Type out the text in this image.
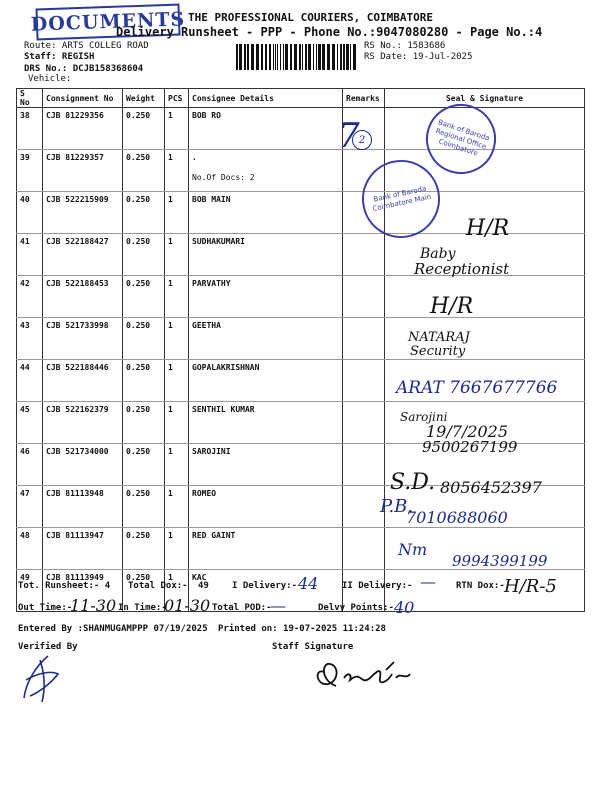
DOCUMENTS THE PROFESSIONAL COURIERS, COIMBATORE
Delivery Runsheet - PPP - Phone No.:9047080280 - Page No.:4
Route: ARTS COLLEG ROAD
Staff: REGISH
DRS No.: DCJB158368604
Vehicle:
RS No.: 1583686
RS Date: 19-Jul-2025
S No	Consignment No	Weight	PCS	Consignee Details	Remarks	Seal & Signature
38	CJB 81229356	0.250	1	BOB RO		
39	CJB 81229357	0.250	1	.
No.Of Docs: 2		

40	CJB 522215909	0.250	1	BOB MAIN		
41	CJB 522188427	0.250	1	SUDHAKUMARI		
42	CJB 522188453	0.250	1	PARVATHY		
43	CJB 521733998	0.250	1	GEETHA		
44	CJB 522188446	0.250	1	GOPALAKRISHNAN		
45	CJB 522162379	0.250	1	SENTHIL KUMAR		
46	CJB 521734000	0.250	1	SAROJINI		
47	CJB 81113948	0.250	1	ROMEO		
48	CJB 81113947	0.250	1	RED GAINT		
49	CJB 81113949	0.250	1	KAC		
Bank of Baroda Regional Office Coimbatore
Bank of Baroda Coimbatore Main
7 2
H/R
Baby
Receptionist
H/R
NATARAJ
Security
ARAT 7667677766
Sarojini
19/7/2025
9500267199
S.D. 8056452397
P.B.
7010688060
Nm
9994399199
Tot. Runsheet:- 4 Total Dox:- 49	I Delivery:- 44	II Delivery:- — RTN Dox:- H/R-5
Out Time:-
11-30 In Time:-
01-30 Total POD:-
—	Delvy Points:- 40
Entered By :SHANMUGAMPPP 07/19/2025 Printed on: 19-07-2025 11:24:28
Verified By	Staff Signature
